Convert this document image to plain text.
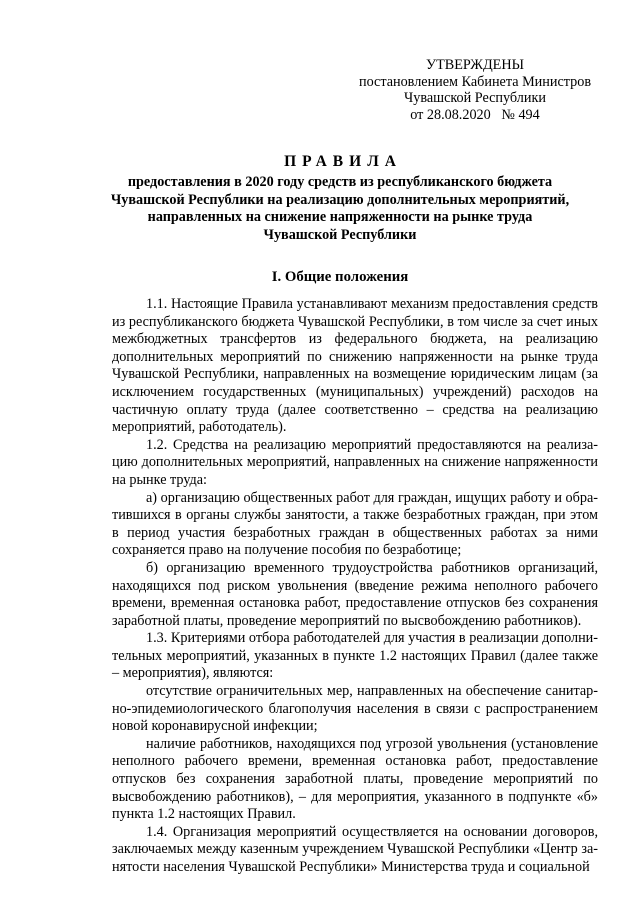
УТВЕРЖДЕНЫ
постановлением Кабинета Министров
Чувашской Республики
от 28.08.2020   № 494
ПРАВИЛА
предоставления в 2020 году средств из республиканского бюджета
Чувашской Республики на реализацию дополнительных мероприятий,
направленных на снижение напряженности на рынке труда
Чувашской Республики
I. Общие положения

1.1. Настоящие Правила устанавливают механизм предоставления средств из республиканского бюджета Чувашской Республики, в том числе за счет иных межбюджетных трансфертов из федерального бюджета, на реализацию дополнительных мероприятий по снижению напряженности на рынке труда Чувашской Республики, направленных на возмещение юридическим лицам (за исключением государственных (муниципальных) учреждений) расходов на частичную оплату труда (далее соответственно – средства на реализацию мероприятий, работодатель).

1.2. Средства на реализацию мероприятий предоставляются на реализацию дополнительных мероприятий, направленных на снижение напряженности на рынке труда:

а) организацию общественных работ для граждан, ищущих работу и обратившихся в органы службы занятости, а также безработных граждан, при этом в период участия безработных граждан в общественных работах за ними сохраняется право на получение пособия по безработице;

б) организацию временного трудоустройства работников организаций, находящихся под риском увольнения (введение режима неполного рабочего времени, временная остановка работ, предоставление отпусков без сохранения заработной платы, проведение мероприятий по высвобождению работников).

1.3. Критериями отбора работодателей для участия в реализации дополнительных мероприятий, указанных в пункте 1.2 настоящих Правил (далее также – мероприятия), являются:

отсутствие ограничительных мер, направленных на обеспечение санитарно-эпидемиологического благополучия населения в связи с распространением новой коронавирусной инфекции;

наличие работников, находящихся под угрозой увольнения (установление неполного рабочего времени, временная остановка работ, предоставление отпусков без сохранения заработной платы, проведение мероприятий по высвобождению работников), – для мероприятия, указанного в подпункте «б» пункта 1.2 настоящих Правил.

1.4. Организация мероприятий осуществляется на основании договоров, заключаемых между казенным учреждением Чувашской Республики «Центр занятости населения Чувашской Республики» Министерства труда и социальной
